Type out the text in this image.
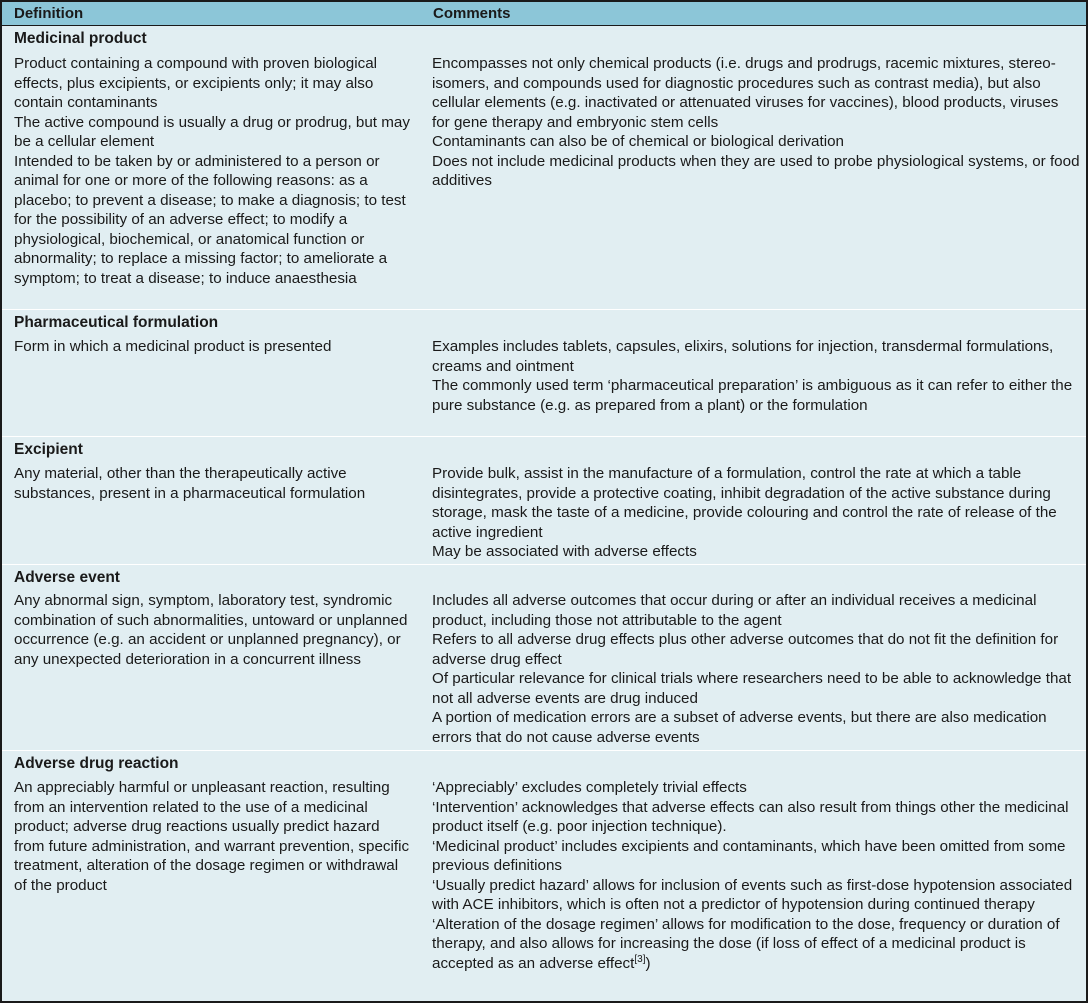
Definition	Comments
Medicinal product
Product containing a compound with proven biological effects, plus excipients, or excipients only; it may also contain contaminants
The active compound is usually a drug or prodrug, but may be a cellular element
Intended to be taken by or administered to a person or animal for one or more of the following reasons: as a placebo; to prevent a disease; to make a diagnosis; to test for the possibility of an adverse effect; to modify a physiological, biochemical, or anatomical function or abnormality; to replace a missing factor; to ameliorate a symptom; to treat a disease; to induce anaesthesia
Encompasses not only chemical products (i.e. drugs and prodrugs, racemic mixtures, stereo-isomers, and compounds used for diagnostic procedures such as contrast media), but also cellular elements (e.g. inactivated or attenuated viruses for vaccines), blood products, viruses for gene therapy and embryonic stem cells
Contaminants can also be of chemical or biological derivation
Does not include medicinal products when they are used to probe physiological systems, or food additives
Pharmaceutical formulation
Form in which a medicinal product is presented	Examples includes tablets, capsules, elixirs, solutions for injection, transdermal formulations, creams and ointment
The commonly used term ‘pharmaceutical preparation’ is ambiguous as it can refer to either the pure substance (e.g. as prepared from a plant) or the formulation
Excipient
Any material, other than the therapeutically active substances, present in a pharmaceutical formulation
Provide bulk, assist in the manufacture of a formulation, control the rate at which a table disintegrates, provide a protective coating, inhibit degradation of the active substance during storage, mask the taste of a medicine, provide colouring and control the rate of release of the active ingredient
May be associated with adverse effects
Adverse event
Any abnormal sign, symptom, laboratory test, syndromic combination of such abnormalities, untoward or unplanned occurrence (e.g. an accident or unplanned pregnancy), or any unexpected deterioration in a concurrent illness
Includes all adverse outcomes that occur during or after an individual receives a medicinal product, including those not attributable to the agent
Refers to all adverse drug effects plus other adverse outcomes that do not fit the definition for adverse drug effect
Of particular relevance for clinical trials where researchers need to be able to acknowledge that not all adverse events are drug induced
A portion of medication errors are a subset of adverse events, but there are also medication errors that do not cause adverse events
Adverse drug reaction
An appreciably harmful or unpleasant reaction, resulting from an intervention related to the use of a medicinal product; adverse drug reactions usually predict hazard from future administration, and warrant prevention, specific treatment, alteration of the dosage regimen or withdrawal of the product
‘Appreciably’ excludes completely trivial effects
‘Intervention’ acknowledges that adverse effects can also result from things other the medicinal product itself (e.g. poor injection technique).
‘Medicinal product’ includes excipients and contaminants, which have been omitted from some previous definitions
‘Usually predict hazard’ allows for inclusion of events such as first-dose hypotension associated with ACE inhibitors, which is often not a predictor of hypotension during continued therapy
‘Alteration of the dosage regimen’ allows for modification to the dose, frequency or duration of therapy, and also allows for increasing the dose (if loss of effect of a medicinal product is accepted as an adverse effect[3])
